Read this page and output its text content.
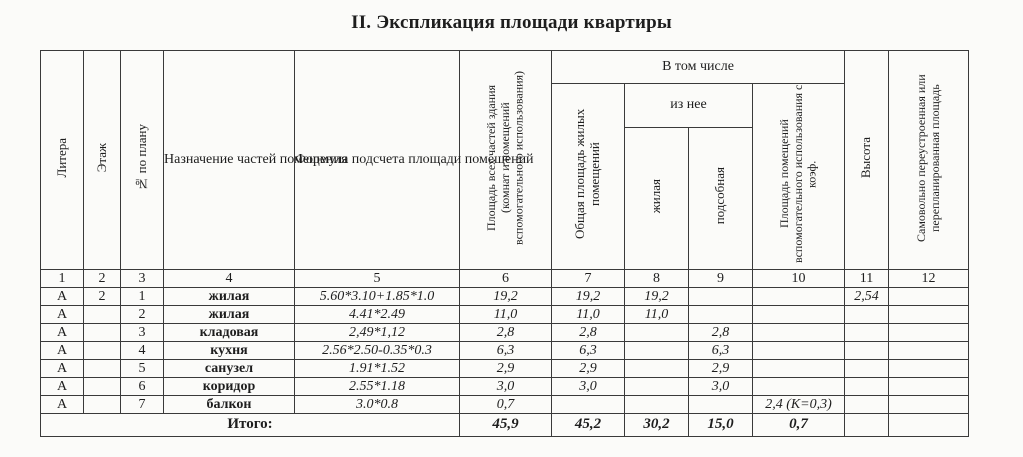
II. Экспликация площади квартиры
Литера	Этаж	№ по плану	Назначение частей помещения	Формула подсчета площади помещений	Площадь всех частей здания (комнат и помещений вспомогательного использования)	В том числе				Высота	Самовольно переустроенная или перепланированная площадь
						Общая площадь жилых помещений	из нее		Площадь помещений вспомогательного использования с коэф.		
							жилая	подсобная			
1	2	3	4	5	6	7	8	9	10	11	12
А	2	1	жилая	5.60*3.10+1.85*1.0	19,2	19,2	19,2			2,54	
А		2	жилая	4.41*2.49	11,0	11,0	11,0				
А		3	кладовая	2,49*1,12	2,8	2,8		2,8			
А		4	кухня	2.56*2.50-0.35*0.3	6,3	6,3		6,3			
А		5	санузел	1.91*1.52	2,9	2,9		2,9			
А		6	коридор	2.55*1.18	3,0	3,0		3,0			
А		7	балкон	3.0*0.8	0,7				2,4 (К=0,3)		
Итого:					45,9	45,2	30,2	15,0	0,7		
